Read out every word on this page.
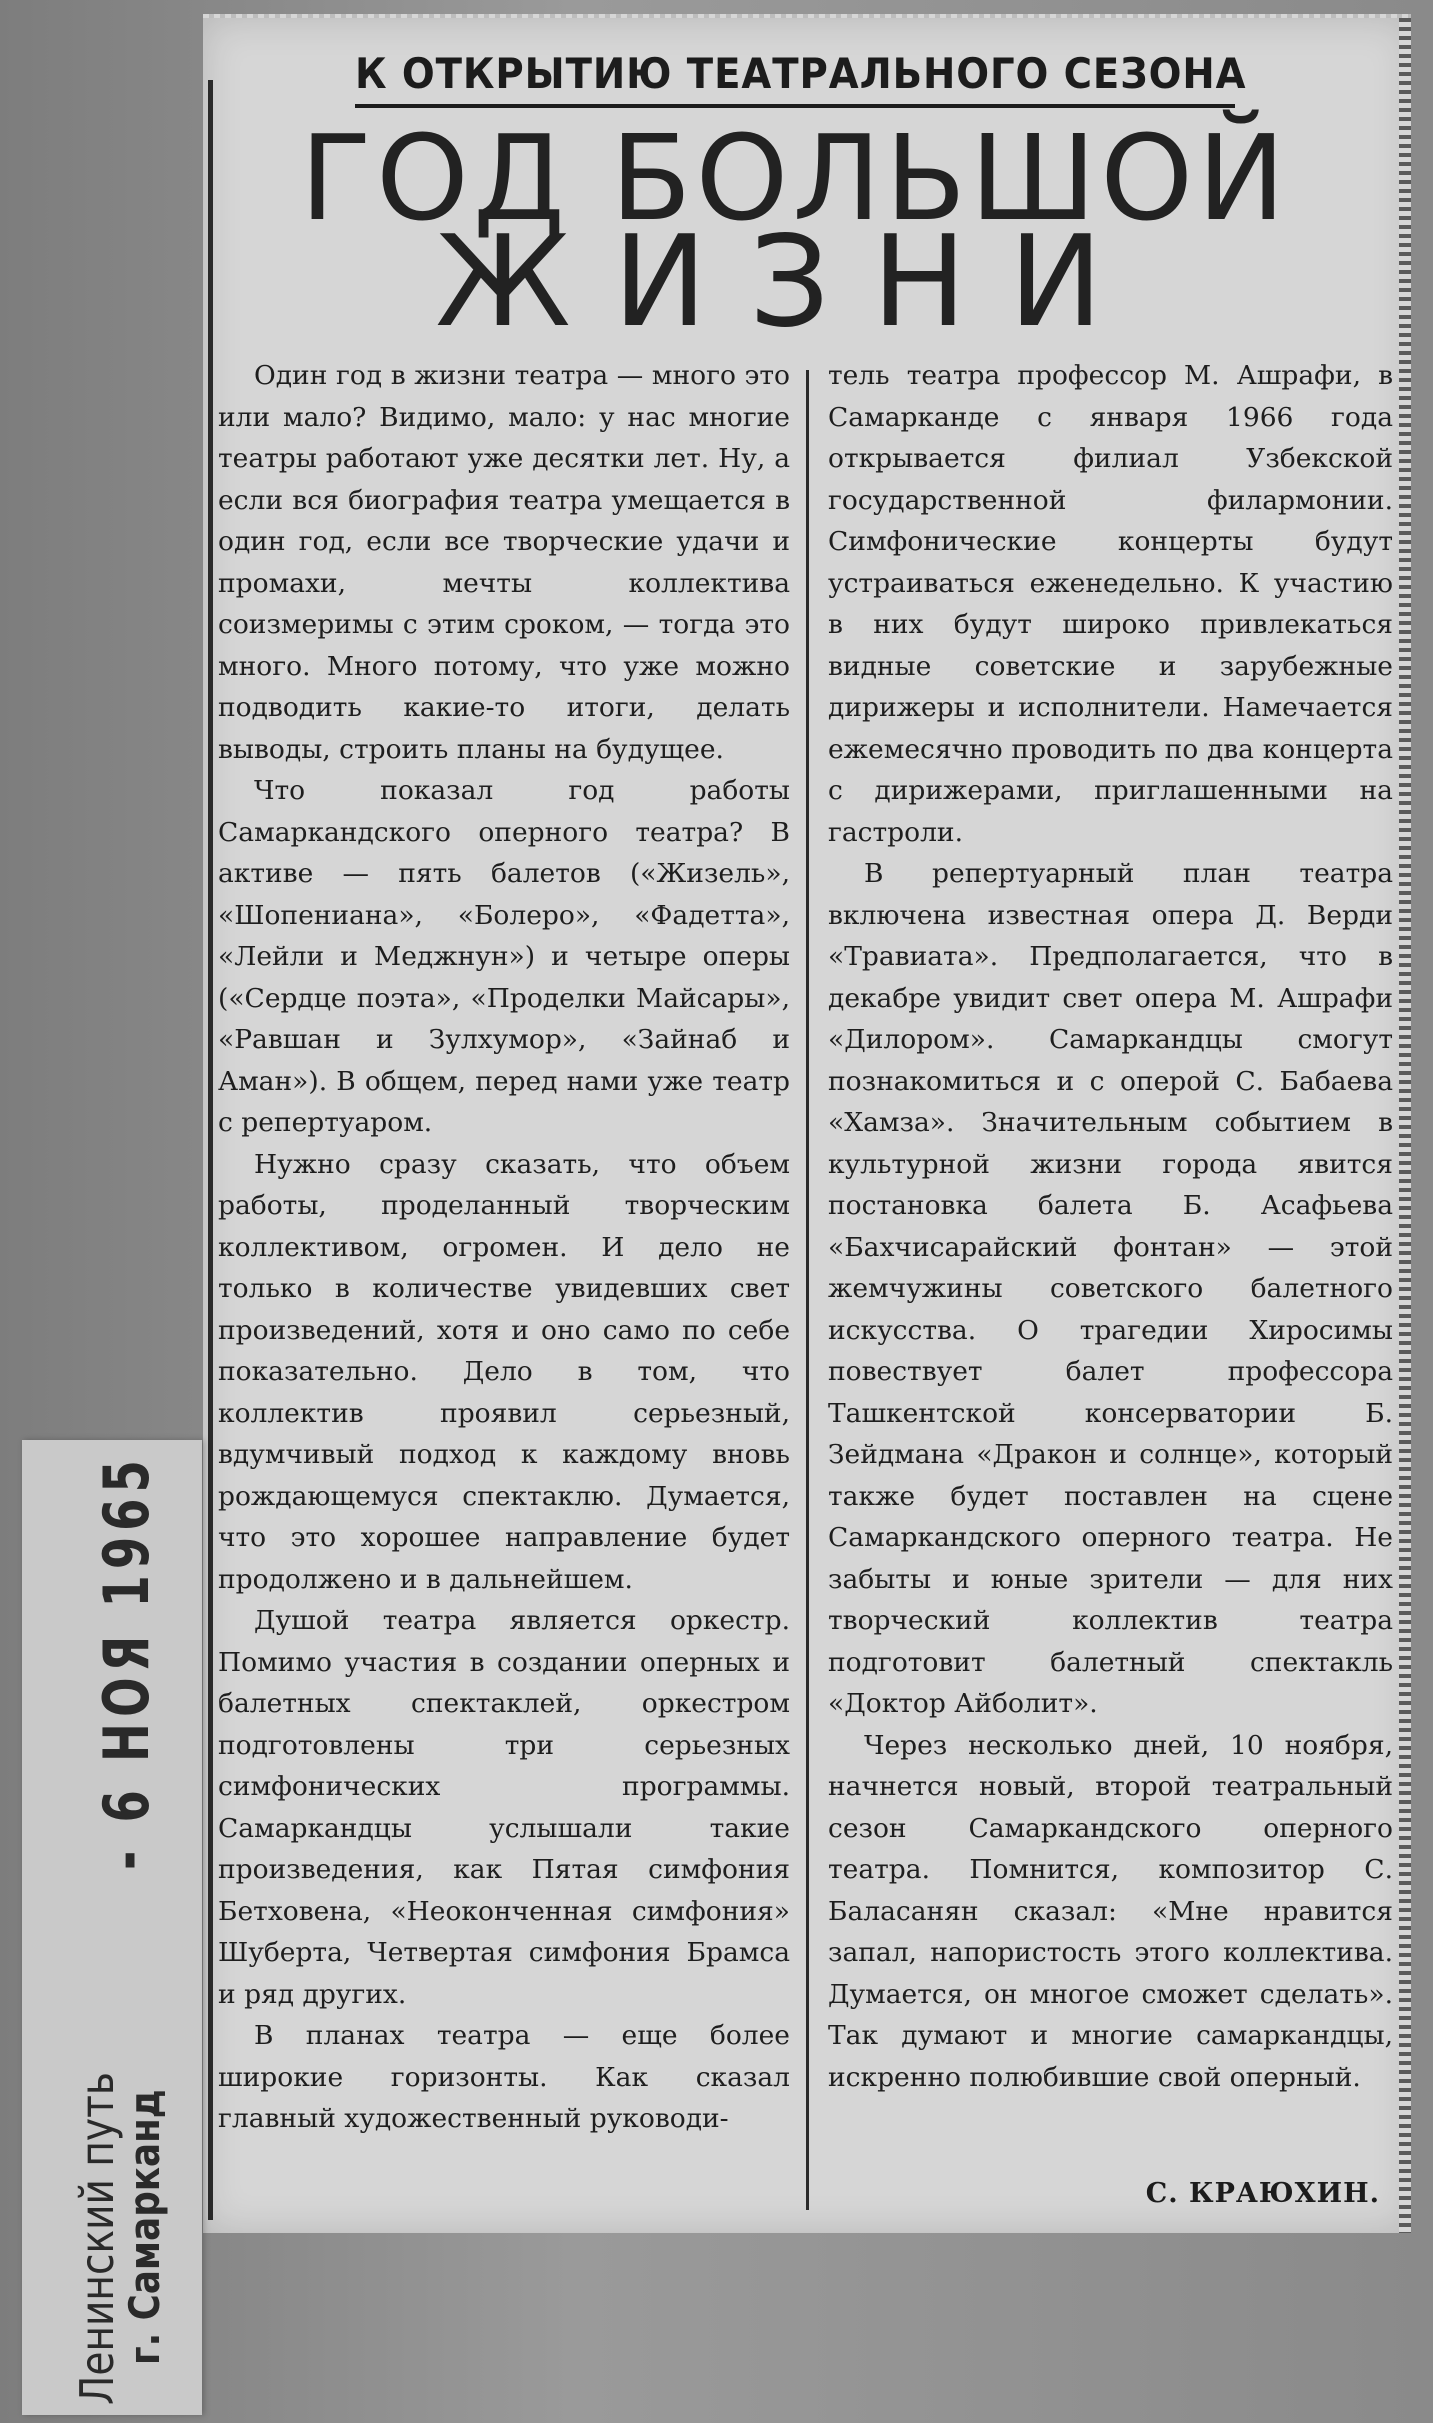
К ОТКРЫТИЮ ТЕАТРАЛЬНОГО СЕЗОНА
ГОД БОЛЬШОЙ
ЖИЗНИ

Один год в жизни театра — много это или мало? Видимо, мало: у нас многие театры работают уже десятки лет. Ну, а если вся биография театра умещается в один год, если все творческие удачи и промахи, мечты коллектива соизмеримы с этим сроком, — тогда это много. Много потому, что уже можно подводить какие-то итоги, делать выводы, строить планы на будущее.

Что показал год работы Самаркандского оперного театра? В активе — пять балетов («Жизель», «Шопениана», «Болеро», «Фадетта», «Лейли и Меджнун») и четыре оперы («Сердце поэта», «Проделки Майсары», «Равшан и Зулхумор», «Зайнаб и Аман»). В общем, перед нами уже театр с репертуаром.

Нужно сразу сказать, что объем работы, проделанный творческим коллективом, огромен. И дело не только в количестве увидевших свет произведений, хотя и оно само по себе показательно. Дело в том, что коллектив проявил серьезный, вдумчивый подход к каждому вновь рождающемуся спектаклю. Думается, что это хорошее направление будет продолжено и в дальнейшем.

Душой театра является оркестр. Помимо участия в создании оперных и балетных спектаклей, оркестром подготовлены три серьезных симфонических программы. Самаркандцы услышали такие произведения, как Пятая симфония Бетховена, «Неоконченная симфония» Шуберта, Четвертая симфония Брамса и ряд других.

В планах театра — еще более широкие горизонты. Как сказал главный художественный руководи-

тель театра профессор М. Ашрафи, в Самарканде с января 1966 года открывается филиал Узбекской государственной филармонии. Симфонические концерты будут устраиваться еженедельно. К участию в них будут широко привлекаться видные советские и зарубежные дирижеры и исполнители. Намечается ежемесячно проводить по два концерта с дирижерами, приглашенными на гастроли.

В репертуарный план театра включена известная опера Д. Верди «Травиата». Предполагается, что в декабре увидит свет опера М. Ашрафи «Дилором». Самаркандцы смогут познакомиться и с оперой С. Бабаева «Хамза». Значительным событием в культурной жизни города явится постановка балета Б. Асафьева «Бахчисарайский фонтан» — этой жемчужины советского балетного искусства. О трагедии Хиросимы повествует балет профессора Ташкентской консерватории Б. Зейдмана «Дракон и солнце», который также будет поставлен на сцене Самаркандского оперного театра. Не забыты и юные зрители — для них творческий коллектив театра подготовит балетный спектакль «Доктор Айболит».

Через несколько дней, 10 ноября, начнется новый, второй театральный сезон Самаркандского оперного театра. Помнится, композитор С. Баласанян сказал: «Мне нравится запал, напористость этого коллектива. Думается, он многое сможет сделать». Так думают и многие самаркандцы, искренно полюбившие свой оперный.

С. КРАЮХИН.
- 6 НОЯ 1965
Ленинский путь
г. Самарканд
